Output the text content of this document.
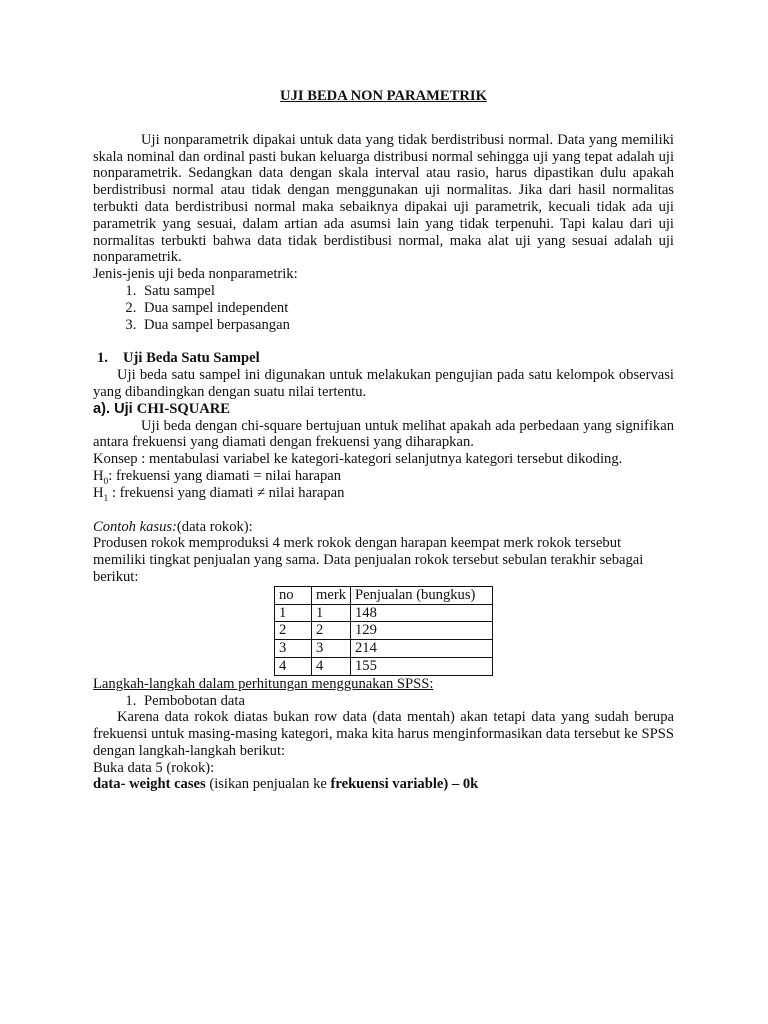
UJI BEDA NON PARAMETRIK

Uji nonparametrik dipakai untuk data yang tidak berdistribusi normal. Data yang memiliki skala nominal dan ordinal pasti bukan keluarga distribusi normal sehingga uji yang tepat adalah uji nonparametrik. Sedangkan data dengan skala interval atau rasio, harus dipastikan dulu apakah berdistribusi normal atau tidak dengan menggunakan uji normalitas. Jika dari hasil normalitas terbukti data berdistribusi normal maka sebaiknya dipakai uji parametrik, kecuali tidak ada uji parametrik yang sesuai, dalam artian ada asumsi lain yang tidak terpenuhi. Tapi kalau dari uji normalitas terbukti bahwa data tidak berdistibusi normal, maka alat uji yang sesuai adalah uji nonparametrik.

Jenis-jenis uji beda nonparametrik:

1. Satu sampel
2. Dua sampel independent
3. Dua sampel berpasangan

1. Uji Beda Satu Sampel

Uji beda satu sampel ini digunakan untuk melakukan pengujian pada satu kelompok observasi yang dibandingkan dengan suatu nilai tertentu.

a). Uji CHI-SQUARE

Uji beda dengan chi-square bertujuan untuk melihat apakah ada perbedaan yang signifikan antara frekuensi yang diamati dengan frekuensi yang diharapkan.

Konsep : mentabulasi variabel ke kategori-kategori selanjutnya kategori tersebut dikoding.

$H_0$: frekuensi yang diamati = nilai harapan

$H_1$ : frekuensi yang diamati ≠ nilai harapan

Contoh kasus:(data rokok):

Produsen rokok memproduksi 4 merk rokok dengan harapan keempat merk rokok tersebut memiliki tingkat penjualan yang sama. Data penjualan rokok tersebut sebulan terakhir sebagai berikut:

no	merk	Penjualan (bungkus)
1	1	148
2	2	129
3	3	214
4	4	155

Langkah-langkah dalam perhitungan menggunakan SPSS:

1. Pembobotan data

Karena data rokok diatas bukan row data (data mentah) akan tetapi data yang sudah berupa frekuensi untuk masing-masing kategori, maka kita harus menginformasikan data tersebut ke SPSS dengan langkah-langkah berikut:

Buka data 5 (rokok):

data- weight cases (isikan penjualan ke frekuensi variable) – 0k
